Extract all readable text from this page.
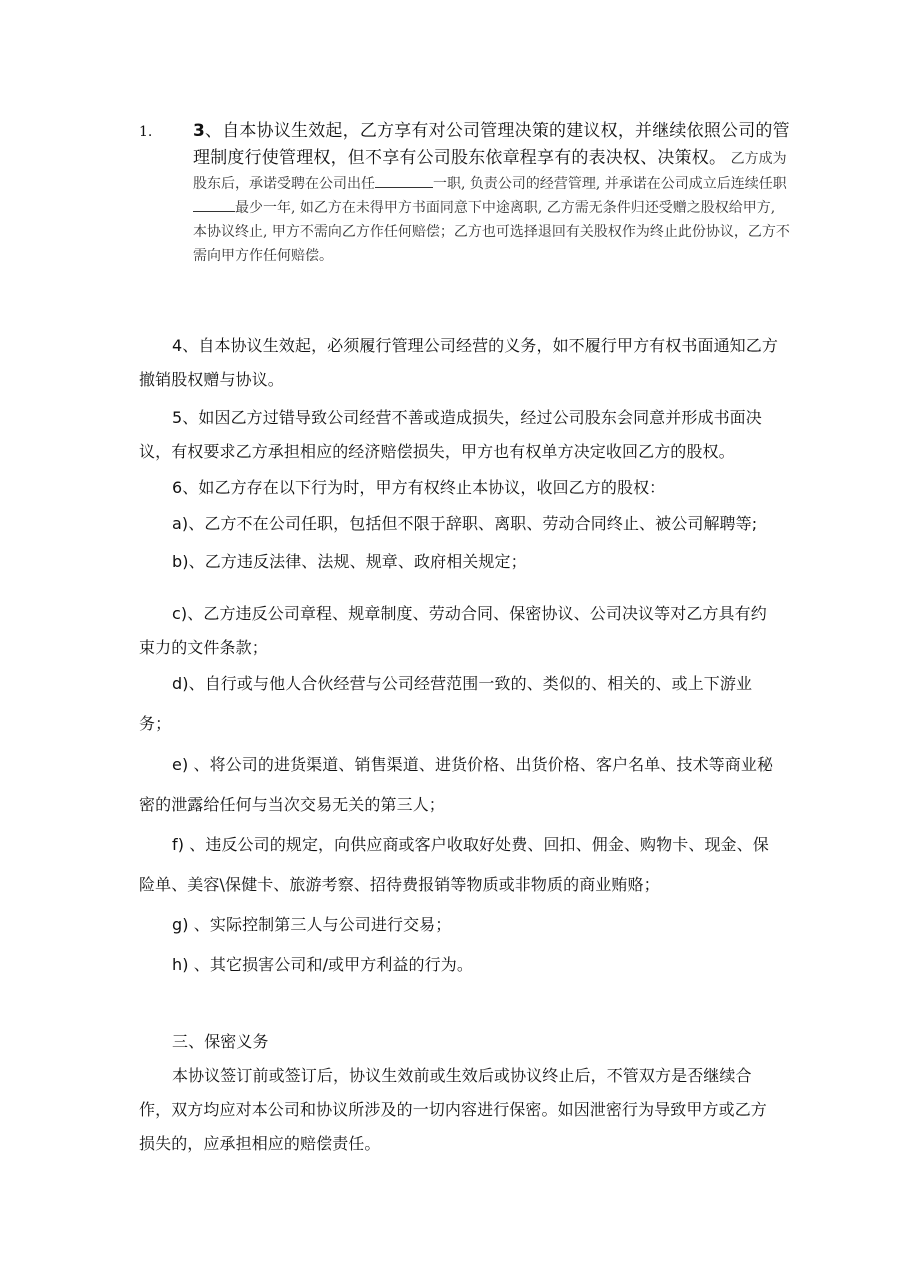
1. 3、自本协议生效起，乙方享有对公司管理决策的建议权，并继续依照公司的管理制度行使管理权，但不享有公司股东依章程享有的表决权、决策权。 乙方成为股东后，承诺受聘在公司出任	一职, 负责公司的经营管理, 并承诺在公司成立后连续任职最少一年, 如乙方在未得甲方书面同意下中途离职, 乙方需无条件归还受赠之股权给甲方, 本协议终止, 甲方不需向乙方作任何赔偿；乙方也可选择退回有关股权作为终止此份协议，乙方不需向甲方作任何赔偿。

4、自本协议生效起，必须履行管理公司经营的义务，如不履行甲方有权书面通知乙方撤销股权赠与协议。

5、如因乙方过错导致公司经营不善或造成损失，经过公司股东会同意并形成书面决议，有权要求乙方承担相应的经济赔偿损失，甲方也有权单方决定收回乙方的股权。

6、如乙方存在以下行为时，甲方有权终止本协议，收回乙方的股权：

a)、乙方不在公司任职，包括但不限于辞职、离职、劳动合同终止、被公司解聘等;

b)、乙方违反法律、法规、规章、政府相关规定；

c)、乙方违反公司章程、规章制度、劳动合同、保密协议、公司决议等对乙方具有约束力的文件条款；

d)、自行或与他人合伙经营与公司经营范围一致的、类似的、相关的、或上下游业务；

e) 、将公司的进货渠道、销售渠道、进货价格、出货价格、客户名单、技术等商业秘密的泄露给任何与当次交易无关的第三人；

f) 、违反公司的规定，向供应商或客户收取好处费、回扣、佣金、购物卡、现金、保险单、美容\保健卡、旅游考察、招待费报销等物质或非物质的商业贿赂；

g) 、实际控制第三人与公司进行交易；

h) 、其它损害公司和/或甲方利益的行为。

三、保密义务

本协议签订前或签订后，协议生效前或生效后或协议终止后，不管双方是否继续合作，双方均应对本公司和协议所涉及的一切内容进行保密。如因泄密行为导致甲方或乙方损失的，应承担相应的赔偿责任。
